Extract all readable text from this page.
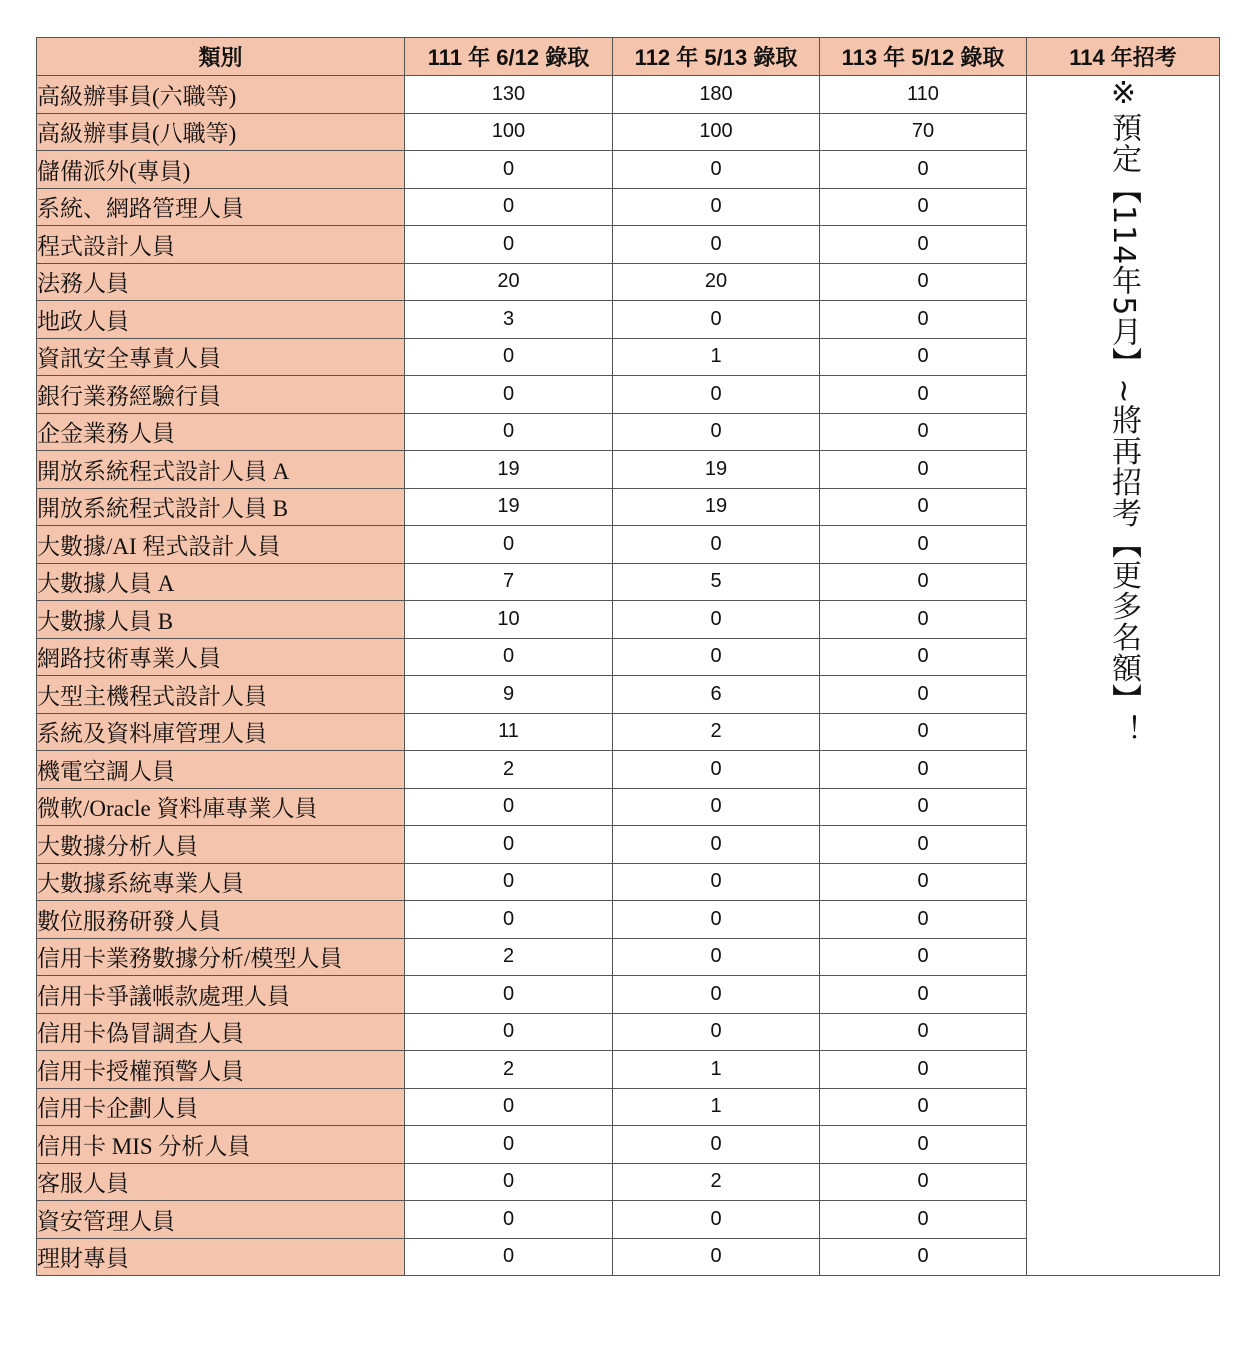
類別	111 年 6/12 錄取	112 年 5/13 錄取	113 年 5/12 錄取	114 年招考
高級辦事員(六職等)	130	180	110	※預定【114年5月】~將再招考【更多名額】！
高級辦事員(八職等)	100	100	70	
儲備派外(專員)	0	0	0	
系統、網路管理人員	0	0	0	
程式設計人員	0	0	0	
法務人員	20	20	0	
地政人員	3	0	0	
資訊安全專責人員	0	1	0	
銀行業務經驗行員	0	0	0	
企金業務人員	0	0	0	
開放系統程式設計人員 A	19	19	0	
開放系統程式設計人員 B	19	19	0	
大數據/AI 程式設計人員	0	0	0	
大數據人員 A	7	5	0	
大數據人員 B	10	0	0	
網路技術專業人員	0	0	0	
大型主機程式設計人員	9	6	0	
系統及資料庫管理人員	11	2	0	
機電空調人員	2	0	0	
微軟/Oracle 資料庫專業人員	0	0	0	
大數據分析人員	0	0	0	
大數據系統專業人員	0	0	0	
數位服務研發人員	0	0	0	
信用卡業務數據分析/模型人員	2	0	0	
信用卡爭議帳款處理人員	0	0	0	
信用卡偽冒調查人員	0	0	0	
信用卡授權預警人員	2	1	0	
信用卡企劃人員	0	1	0	
信用卡 MIS 分析人員	0	0	0	
客服人員	0	2	0	
資安管理人員	0	0	0	
理財專員	0	0	0	
